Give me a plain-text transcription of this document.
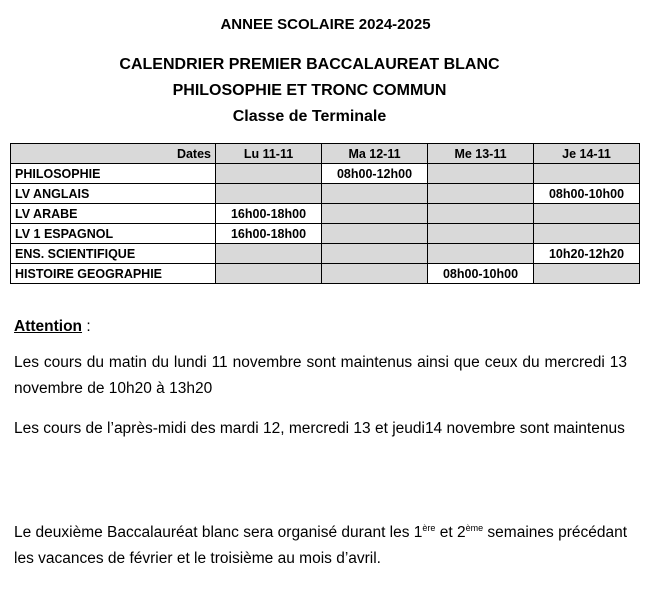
ANNEE SCOLAIRE 2024-2025
CALENDRIER PREMIER BACCALAUREAT BLANC
PHILOSOPHIE ET TRONC COMMUN
Classe de Terminale
Dates	Lu 11-11	Ma 12-11	Me 13-11	Je 14-11
PHILOSOPHIE		08h00-12h00		
LV ANGLAIS				08h00-10h00
LV ARABE	16h00-18h00			
LV 1 ESPAGNOL	16h00-18h00			
ENS. SCIENTIFIQUE				10h20-12h20
HISTOIRE GEOGRAPHIE			08h00-10h00	
Attention :
Les cours du matin du lundi 11 novembre sont maintenus ainsi que ceux du mercredi 13 novembre de 10h20 à 13h20
Les cours de l’après-midi des mardi 12, mercredi 13 et jeudi14 novembre sont maintenus
Le deuxième Baccalauréat blanc sera organisé durant les 1ère et 2ème semaines précédant les vacances de février et le troisième au mois d’avril.
